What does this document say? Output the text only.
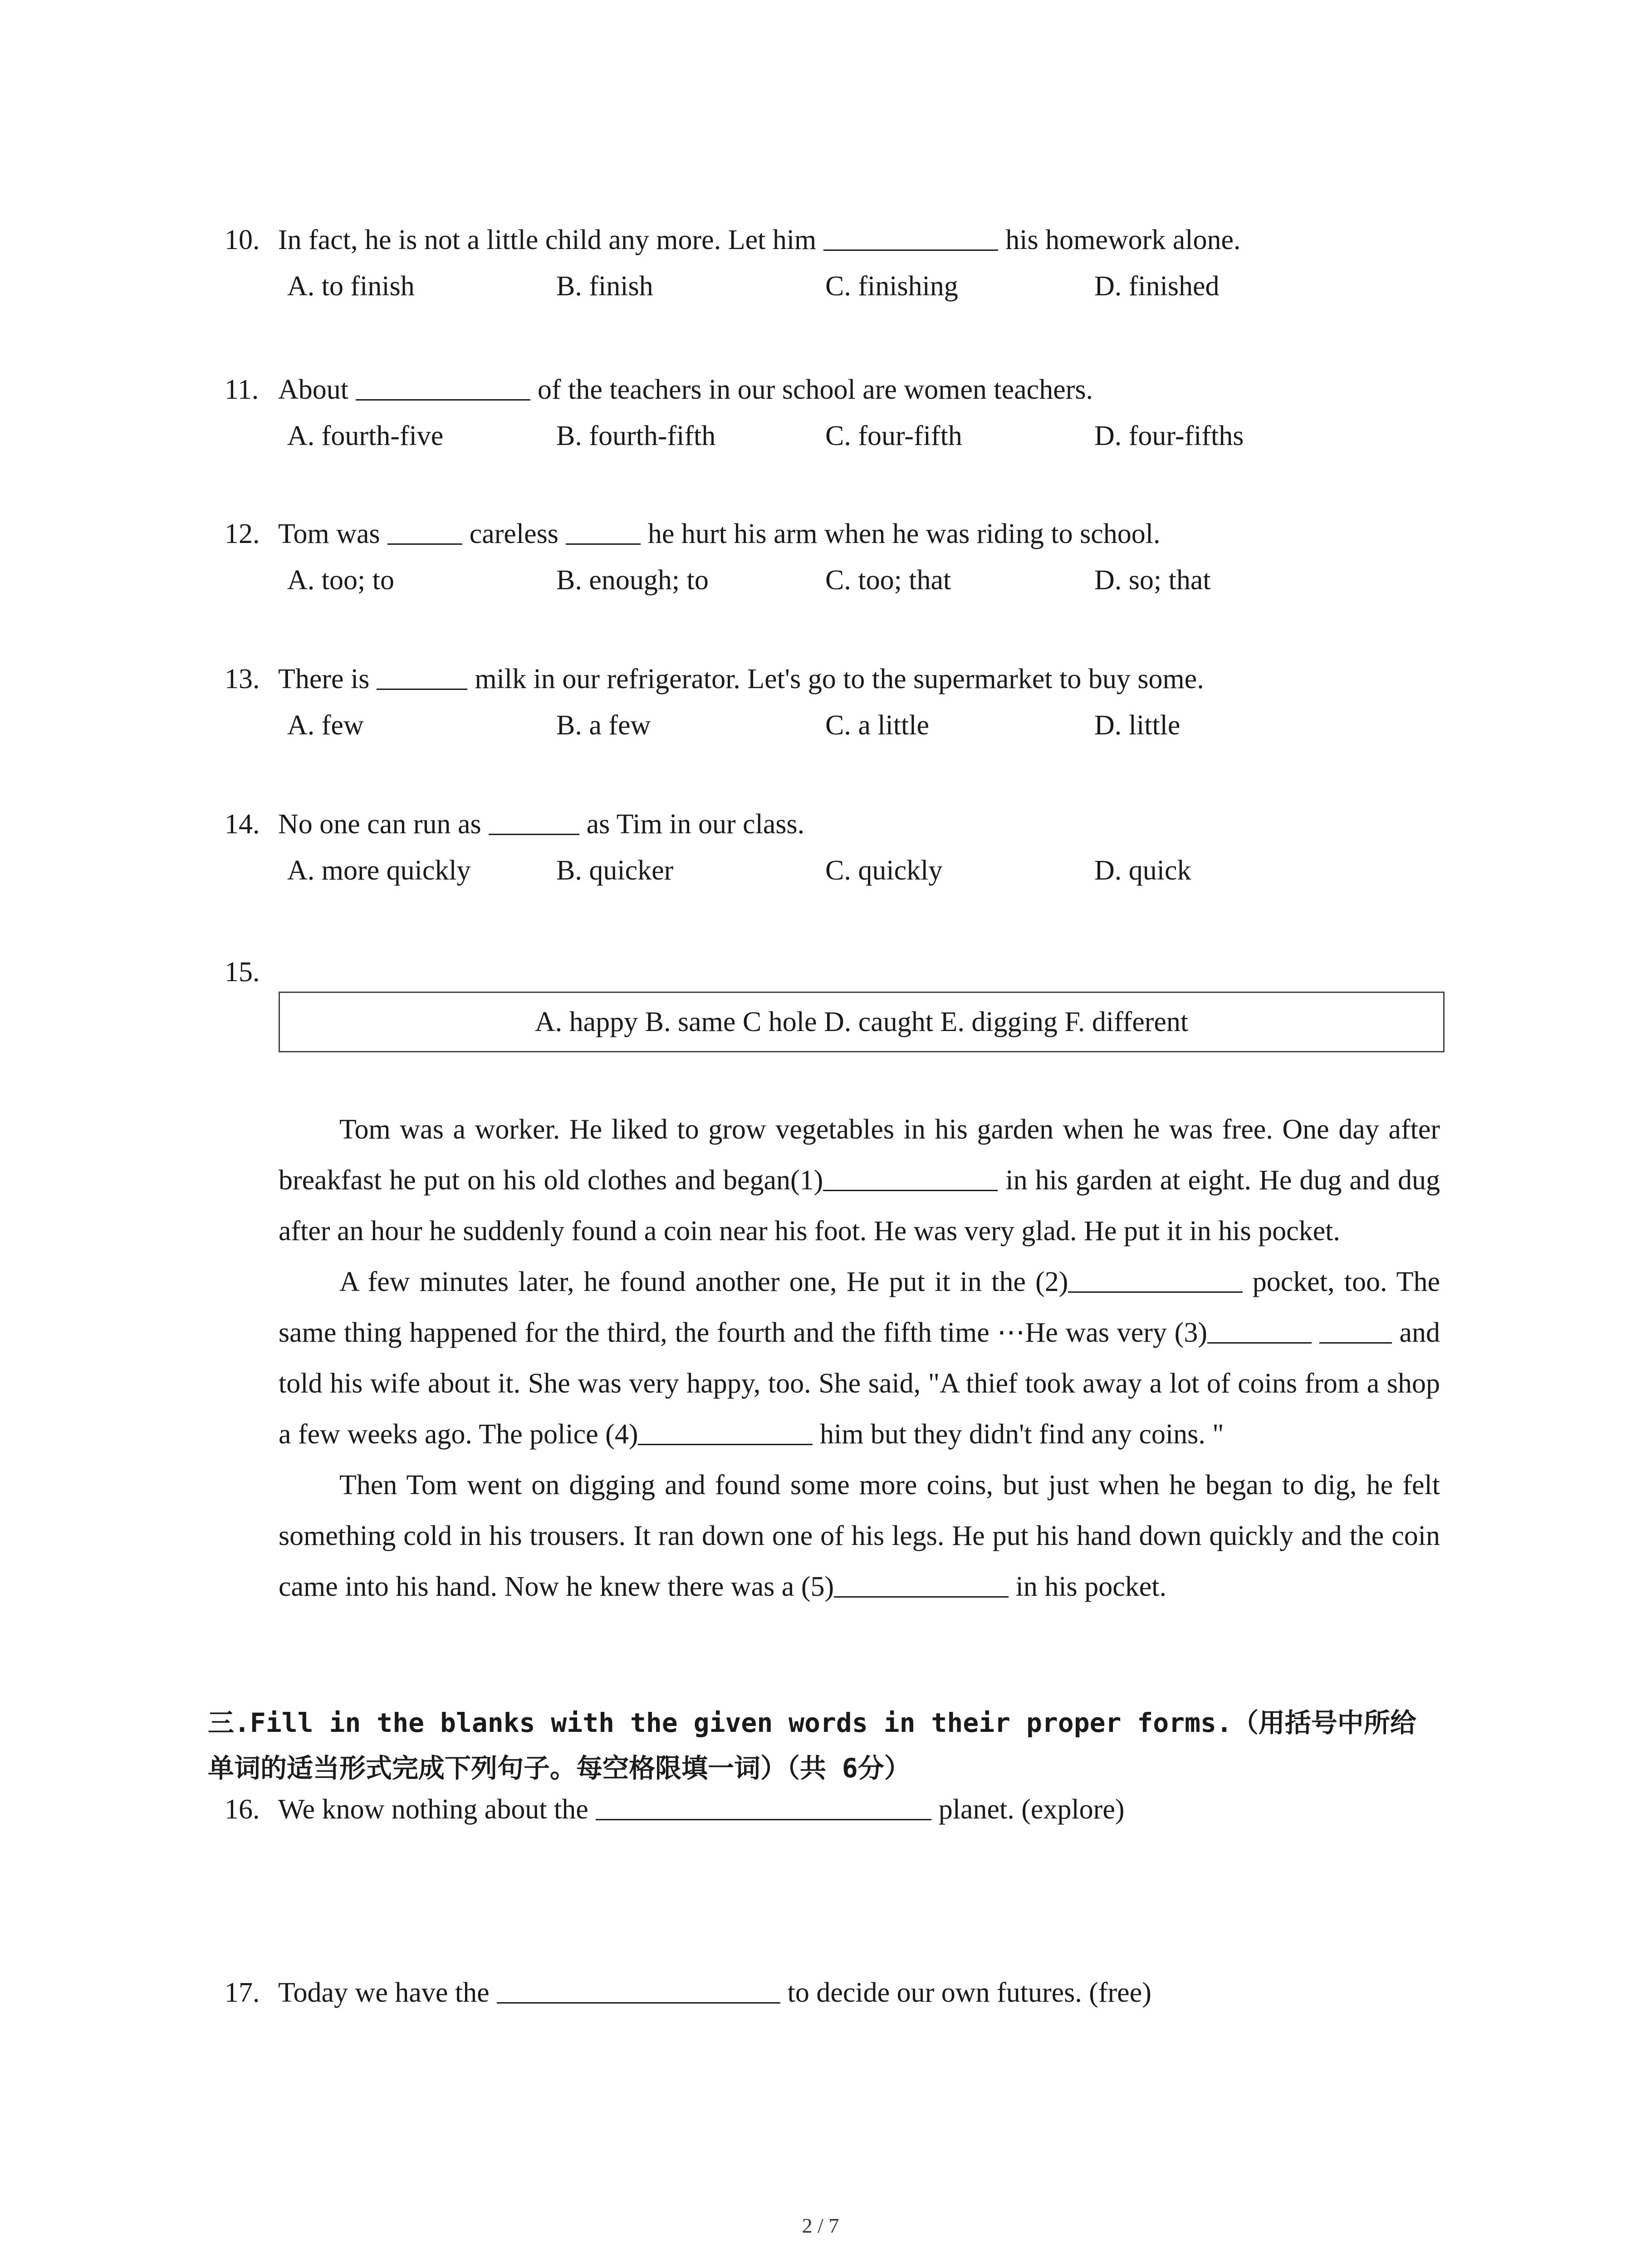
10. In fact, he is not a little child any more. Let him	his homework alone.
A. to finish	B. finish	C. finishing	D. finished
11. About	of the teachers in our school are women teachers.
A. fourth-five	B. fourth-fifth	C. four-fifth	D. four-fifths
12. Tom was	careless	he hurt his arm when he was riding to school.
A. too; to	B. enough; to	C. too; that	D. so; that
13. There is	milk in our refrigerator. Let's go to the supermarket to buy some.
A. few	B. a few	C. a little	D. little
14. No one can run as	as Tim in our class.
A. more quickly	B. quicker	C. quickly	D. quick
15.
A. happy B. same C hole D. caught E. digging F. different

Tom was a worker. He liked to grow vegetables in his garden when he was free. One day after breakfast he put on his old clothes and began(1)	in his garden at eight. He dug and dug after an hour he suddenly found a coin near his foot. He was very glad. He put it in his pocket.

A few minutes later, he found another one, He put it in the (2)	pocket, too. The same thing happened for the third, the fourth and the fifth time ⋯He was very (3)	and told his wife about it. She was very happy, too. She said, "A thief took away a lot of coins from a shop a few weeks ago. The police (4)	him but they didn't find any coins. "

Then Tom went on digging and found some more coins, but just when he began to dig, he felt something cold in his trousers. It ran down one of his legs. He put his hand down quickly and the coin came into his hand. Now he knew there was a (5)	in his pocket.

三.Fill in the blanks with the given words in their proper forms.（用括号中所给单词的适当形式完成下列句子。每空格限填一词）（共 6分）
16. We know nothing about the	planet. (explore)
17. Today we have the	to decide our own futures. (free)
2 / 7
